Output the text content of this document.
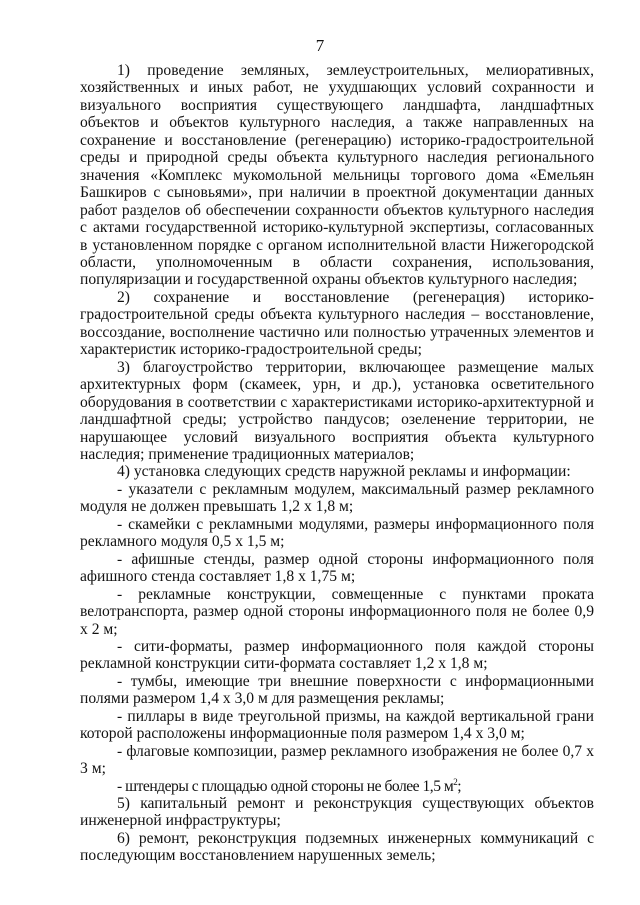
7

1) проведение земляных, землеустроительных, мелиоративных, хозяйственных и иных работ, не ухудшающих условий сохранности и визуального восприятия существующего ландшафта, ландшафтных объектов и объектов культурного наследия, а также направленных на сохранение и восстановление (регенерацию) историко-градостроительной среды и природной среды объекта культурного наследия регионального значения «Комплекс мукомольной мельницы торгового дома «Емельян Башкиров с сыновьями», при наличии в проектной документации данных работ разделов об обеспечении сохранности объектов культурного наследия с актами государственной историко-культурной экспертизы, согласованных в установленном порядке с органом исполнительной власти Нижегородской области, уполномоченным в области сохранения, использования, популяризации и государственной охраны объектов культурного наследия;

2) сохранение и восстановление (регенерация) историко-градостроительной среды объекта культурного наследия – восстановление, воссоздание, восполнение частично или полностью утраченных элементов и характеристик историко-градостроительной среды;

3) благоустройство территории, включающее размещение малых архитектурных форм (скамеек, урн, и др.), установка осветительного оборудования в соответствии с характеристиками историко-архитектурной и ландшафтной среды; устройство пандусов; озеленение территории, не нарушающее условий визуального восприятия объекта культурного наследия; применение традиционных материалов;

4) установка следующих средств наружной рекламы и информации:

- указатели с рекламным модулем, максимальный размер рекламного модуля не должен превышать 1,2 х 1,8 м;

- скамейки с рекламными модулями, размеры информационного поля рекламного модуля 0,5 х 1,5 м;

- афишные стенды, размер одной стороны информационного поля афишного стенда составляет 1,8 х 1,75 м;

- рекламные конструкции, совмещенные с пунктами проката велотранспорта, размер одной стороны информационного поля не более 0,9 х 2 м;

- сити-форматы, размер информационного поля каждой стороны рекламной конструкции сити-формата составляет 1,2 х 1,8 м;

- тумбы, имеющие три внешние поверхности с информационными полями размером 1,4 х 3,0 м для размещения рекламы;

- пиллары в виде треугольной призмы, на каждой вертикальной грани которой расположены информационные поля размером 1,4 х 3,0 м;

- флаговые композиции, размер рекламного изображения не более 0,7 х 3 м;

- штендеры с площадью одной стороны не более 1,5 $м^2$;

5) капитальный ремонт и реконструкция существующих объектов инженерной инфраструктуры;

6) ремонт, реконструкция подземных инженерных коммуникаций с последующим восстановлением нарушенных земель;
